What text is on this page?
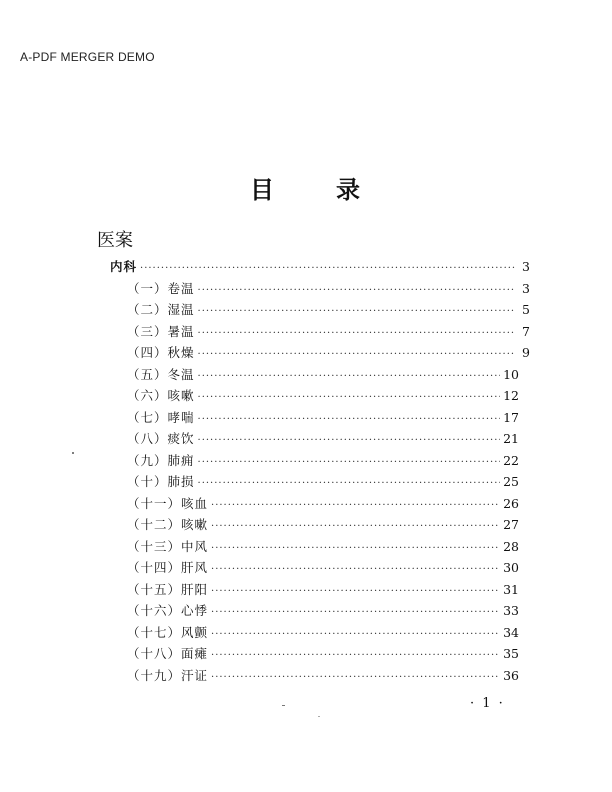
A-PDF MERGER DEMO
目	录
医案
内科 ·····	3
（一）卷温 ·····	3
（二）湿温 ·····	5
（三）暑温 ·····	7
（四）秋燥 ·····	9
（五）冬温 ·····	10
（六）咳嗽 ·····	12
（七）哮喘 ·····	17
（八）痰饮 ·····	21
（九）肺痈 ·····	22
（十）肺损 ·····	25
（十一）咳血 ·····	26
（十二）咳嗽 ·····	27
（十三）中风 ·····	28
（十四）肝风 ·····	30
（十五）肝阳 ·····	31
（十六）心悸 ·····	33
（十七）风颤 ·····	34
（十八）面瘫 ·····	35
（十九）汗证 ·····	36
· 1 ·
